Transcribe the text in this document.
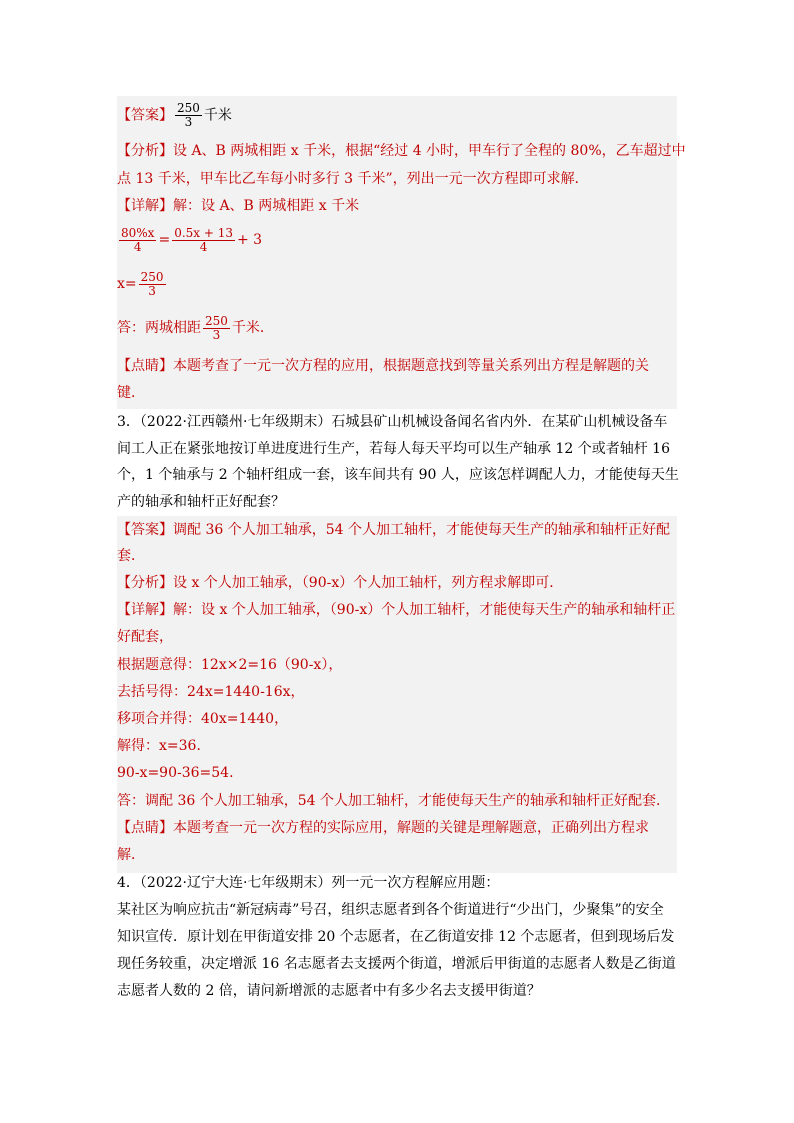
【答案】 $\frac{250}{3}$ 千米
【分析】设 A、B 两城相距 x 千米，根据“经过 4 小时，甲车行了全程的 80%，乙车超过中
点 13 千米，甲车比乙车每小时多行 3 千米”，列出一元一次方程即可求解．
【详解】解：设 A、B 两城相距 x 千米
$\frac{80\%x}{4} = \frac{0.5x + 13}{4} + 3$
$x= \frac{250}{3}$
答：两城相距 $\frac{250}{3}$ 千米．
【点睛】本题考查了一元一次方程的应用，根据题意找到等量关系列出方程是解题的关
键．
3．（2022·江西赣州·七年级期末）石城县矿山机械设备闻名省内外．在某矿山机械设备车
间工人正在紧张地按订单进度进行生产，若每人每天平均可以生产轴承 12 个或者轴杆 16
个，1 个轴承与 2 个轴杆组成一套，该车间共有 90 人，应该怎样调配人力，才能使每天生
产的轴承和轴杆正好配套？
【答案】调配 36 个人加工轴承，54 个人加工轴杆，才能使每天生产的轴承和轴杆正好配
套．
【分析】设 x 个人加工轴承，（90-x）个人加工轴杆，列方程求解即可．
【详解】解：设 x 个人加工轴承，（90-x）个人加工轴杆，才能使每天生产的轴承和轴杆正
好配套，
根据题意得：12x×2=16（90-x），
去括号得：24x=1440-16x，
移项合并得：40x=1440，
解得：x=36．
90-x=90-36=54．
答：调配 36 个人加工轴承，54 个人加工轴杆，才能使每天生产的轴承和轴杆正好配套．
【点睛】本题考查一元一次方程的实际应用，解题的关键是理解题意，正确列出方程求
解．
4．（2022·辽宁大连·七年级期末）列一元一次方程解应用题：
某社区为响应抗击“新冠病毒”号召，组织志愿者到各个街道进行“少出门，少聚集”的安全
知识宣传．原计划在甲街道安排 20 个志愿者，在乙街道安排 12 个志愿者，但到现场后发
现任务较重，决定增派 16 名志愿者去支援两个街道，增派后甲街道的志愿者人数是乙街道
志愿者人数的 2 倍，请问新增派的志愿者中有多少名去支援甲街道？
